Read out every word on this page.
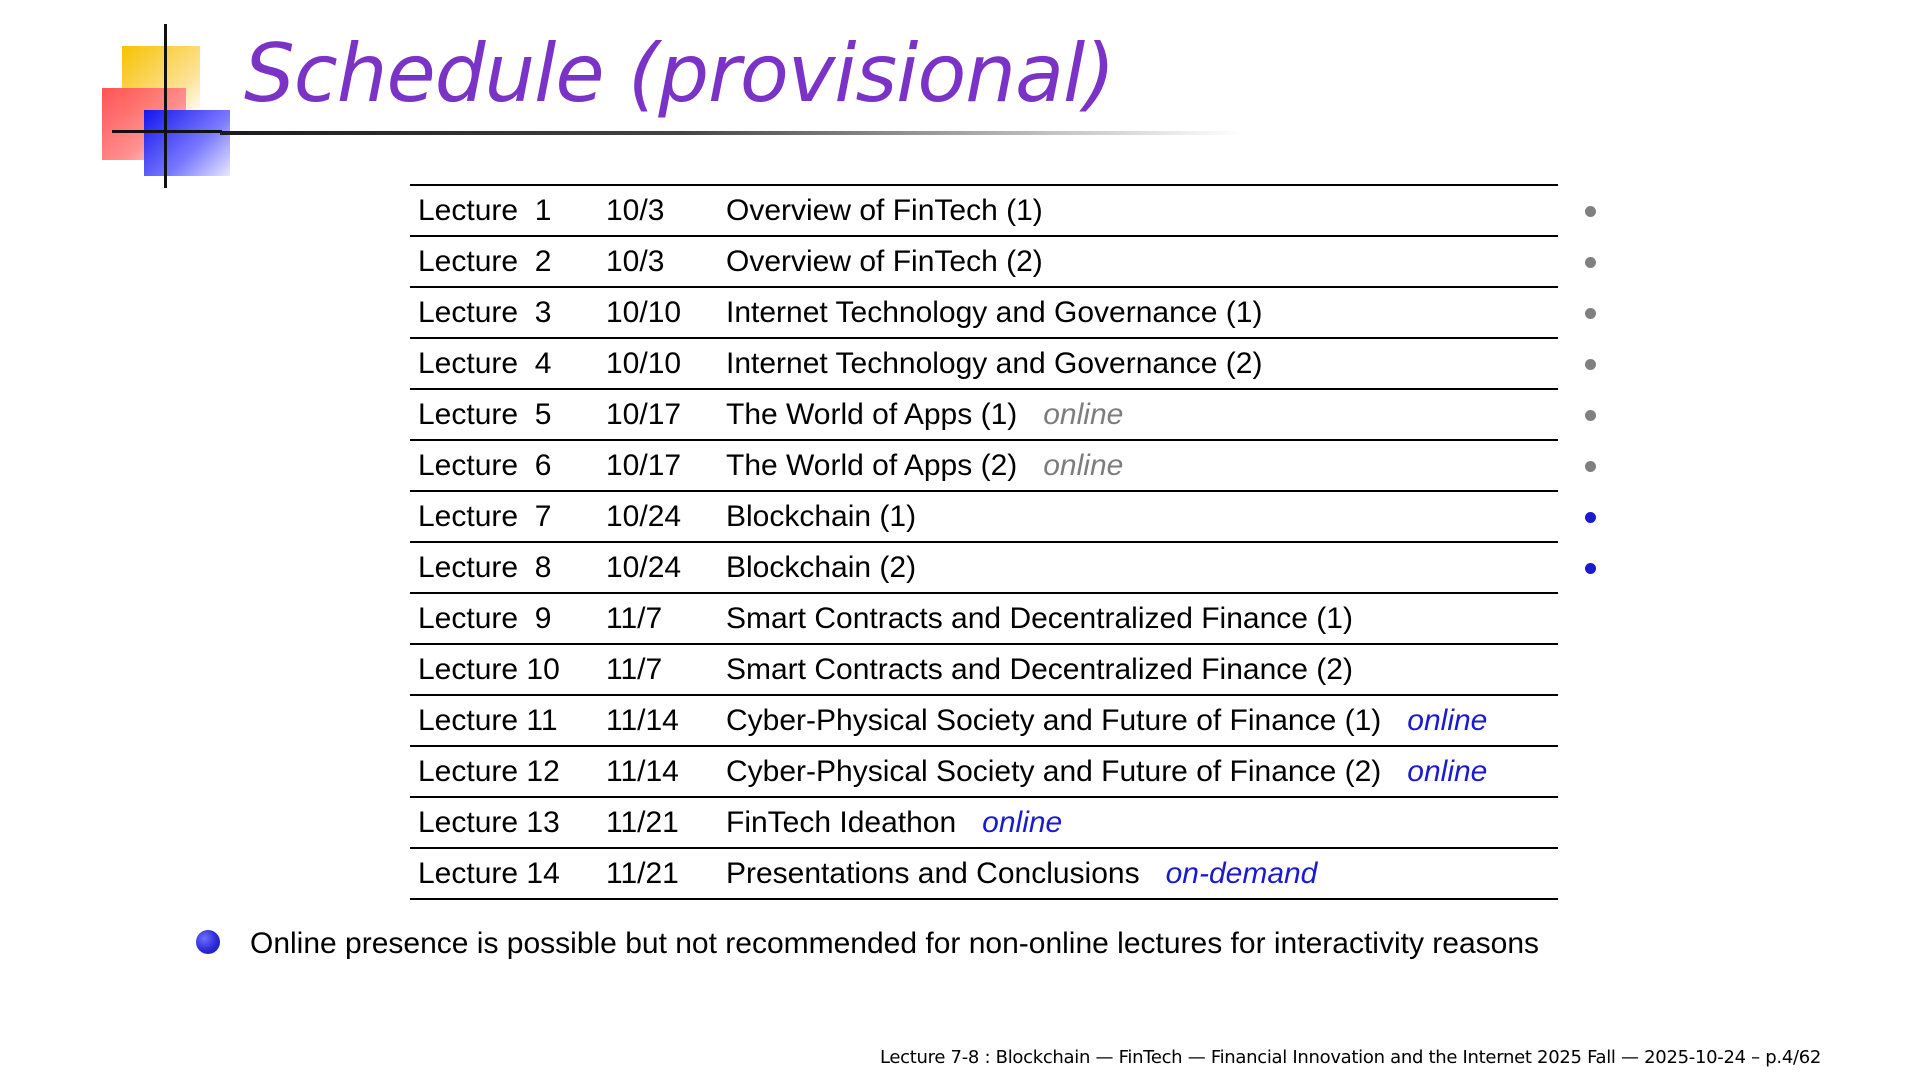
Schedule (provisional)
Lecture  1 10/3 Overview of FinTech (1)
Lecture  2 10/3 Overview of FinTech (2)
Lecture  3 10/10 Internet Technology and Governance (1)
Lecture  4 10/10 Internet Technology and Governance (2)
Lecture  5 10/17 The World of Apps (1) online
Lecture  6 10/17 The World of Apps (2) online
Lecture  7 10/24 Blockchain (1)
Lecture  8 10/24 Blockchain (2)
Lecture  9 11/7 Smart Contracts and Decentralized Finance (1)
Lecture 10 11/7 Smart Contracts and Decentralized Finance (2)
Lecture 11 11/14 Cyber-Physical Society and Future of Finance (1) online
Lecture 12 11/14 Cyber-Physical Society and Future of Finance (2) online
Lecture 13 11/21 FinTech Ideathon online
Lecture 14 11/21 Presentations and Conclusions on-demand
Online presence is possible but not recommended for non-online lectures for interactivity reasons
Lecture 7-8 : Blockchain — FinTech — Financial Innovation and the Internet 2025 Fall — 2025-10-24 – p.4/62
